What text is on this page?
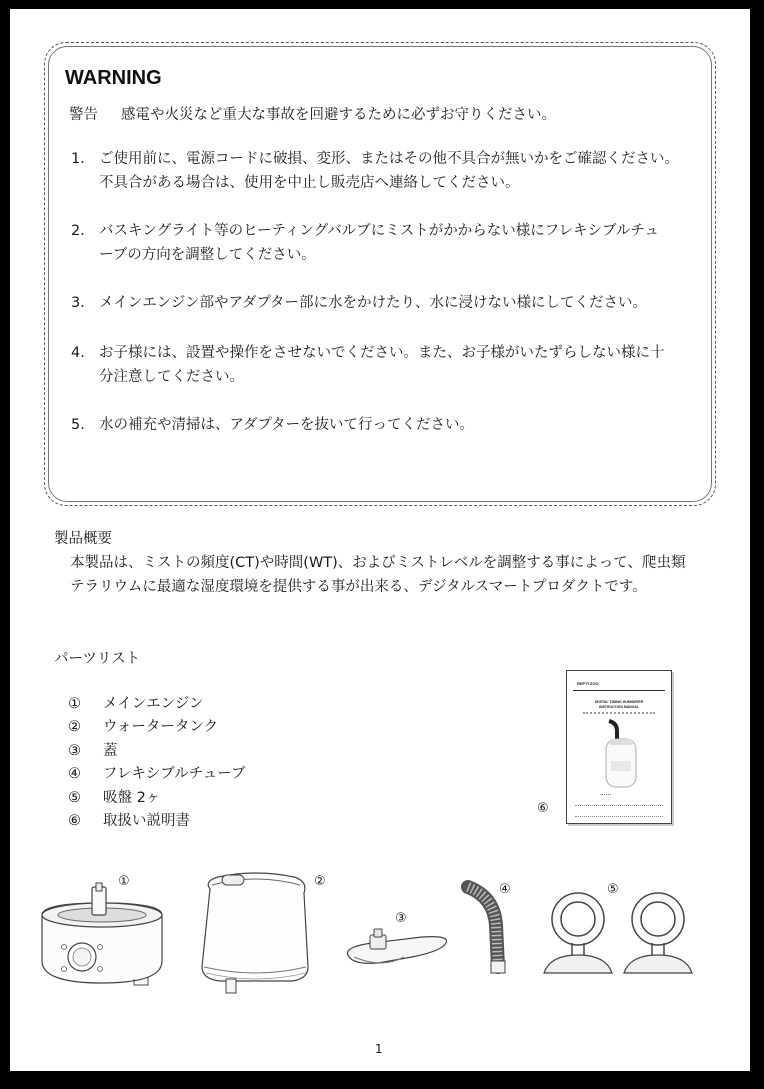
WARNING
警告 感電や火災など重大な事故を回避するために必ずお守りください。
1. ご使用前に、電源コードに破損、変形、またはその他不具合が無いかをご確認ください。
不具合がある場合は、使用を中止し販売店へ連絡してください。
2. バスキングライト等のヒーティングバルブにミストがかからない様にフレキシブルチュ
ーブの方向を調整してください。
3. メインエンジン部やアダプター部に水をかけたり、水に浸けない様にしてください。
4. お子様には、設置や操作をさせないでください。また、お子様がいたずらしない様に十
分注意してください。
5. 水の補充や清掃は、アダプターを抜いて行ってください。
製品概要
本製品は、ミストの頻度(CT)や時間(WT)、およびミストレベルを調整する事によって、爬虫類
テラリウムに最適な湿度環境を提供する事が出来る、デジタルスマートプロダクトです。
パーツリスト
① メインエンジン
② ウォータータンク
③ 蓋
④ フレキシブルチューブ
⑤ 吸盤 2ヶ
⑥ 取扱い説明書
REPTI ZOO
DIGITAL TIMING HUMIDIFIER
INSTRUCTION MANUAL
⑥
①	②
③
④	⑤
1
